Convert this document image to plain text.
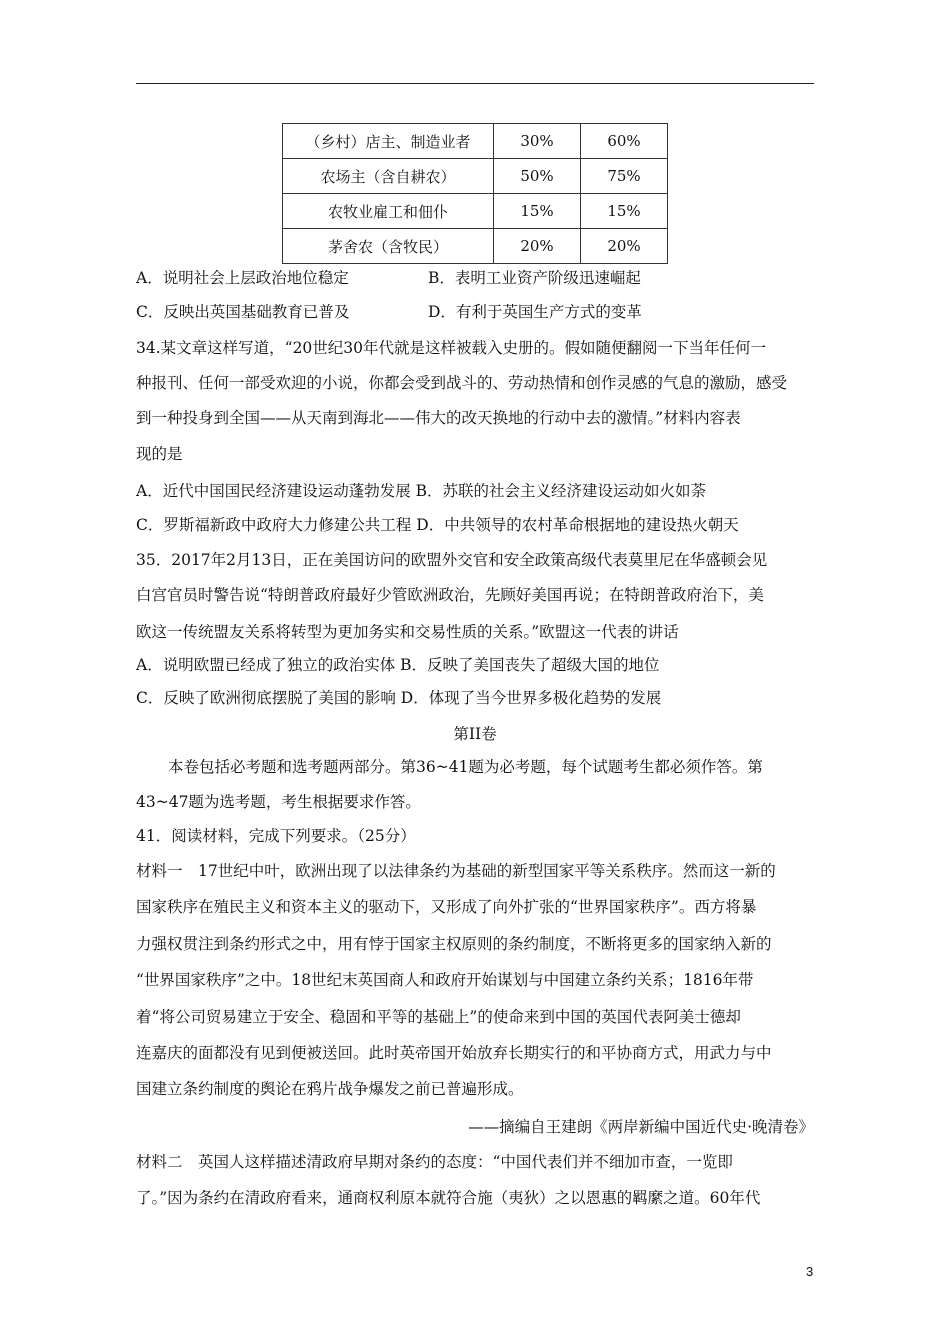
（乡村）店主、制造业者	30%	60%
农场主（含自耕农）	50%	75%
农牧业雇工和佃仆	15%	15%
茅舍农（含牧民）	20%	20%
A．说明社会上层政治地位稳定	B．表明工业资产阶级迅速崛起
C．反映出英国基础教育已普及	D．有利于英国生产方式的变革
34.某文章这样写道，“20世纪30年代就是这样被载入史册的。假如随便翻阅一下当年任何一
种报刊、任何一部受欢迎的小说，你都会受到战斗的、劳动热情和创作灵感的气息的激励，感受
到一种投身到全国——从天南到海北——伟大的改天换地的行动中去的激情。”材料内容表
现的是
A．近代中国国民经济建设运动蓬勃发展 B．苏联的社会主义经济建设运动如火如荼
C．罗斯福新政中政府大力修建公共工程 D．中共领导的农村革命根据地的建设热火朝天
35．2017年2月13日，正在美国访问的欧盟外交官和安全政策高级代表莫里尼在华盛顿会见
白宫官员时警告说“特朗普政府最好少管欧洲政治，先顾好美国再说；在特朗普政府治下，美
欧这一传统盟友关系将转型为更加务实和交易性质的关系。”欧盟这一代表的讲话
A．说明欧盟已经成了独立的政治实体 B．反映了美国丧失了超级大国的地位
C．反映了欧洲彻底摆脱了美国的影响 D．体现了当今世界多极化趋势的发展
第II卷
本卷包括必考题和选考题两部分。第36~41题为必考题，每个试题考生都必须作答。第
43~47题为选考题，考生根据要求作答。
41．阅读材料，完成下列要求。（25分）
材料一　17世纪中叶，欧洲出现了以法律条约为基础的新型国家平等关系秩序。然而这一新的
国家秩序在殖民主义和资本主义的驱动下，又形成了向外扩张的“世界国家秩序”。西方将暴
力强权贯注到条约形式之中，用有悖于国家主权原则的条约制度，不断将更多的国家纳入新的
“世界国家秩序”之中。18世纪末英国商人和政府开始谋划与中国建立条约关系；1816年带
着“将公司贸易建立于安全、稳固和平等的基础上”的使命来到中国的英国代表阿美士德却
连嘉庆的面都没有见到便被送回。此时英帝国开始放弃长期实行的和平协商方式，用武力与中
国建立条约制度的舆论在鸦片战争爆发之前已普遍形成。
——摘编自王建朗《两岸新编中国近代史·晚清卷》
材料二　英国人这样描述清政府早期对条约的态度：“中国代表们并不细加市查，一览即
了。”因为条约在清政府看来，通商权利原本就符合施（夷狄）之以恩惠的羁縻之道。60年代
3
